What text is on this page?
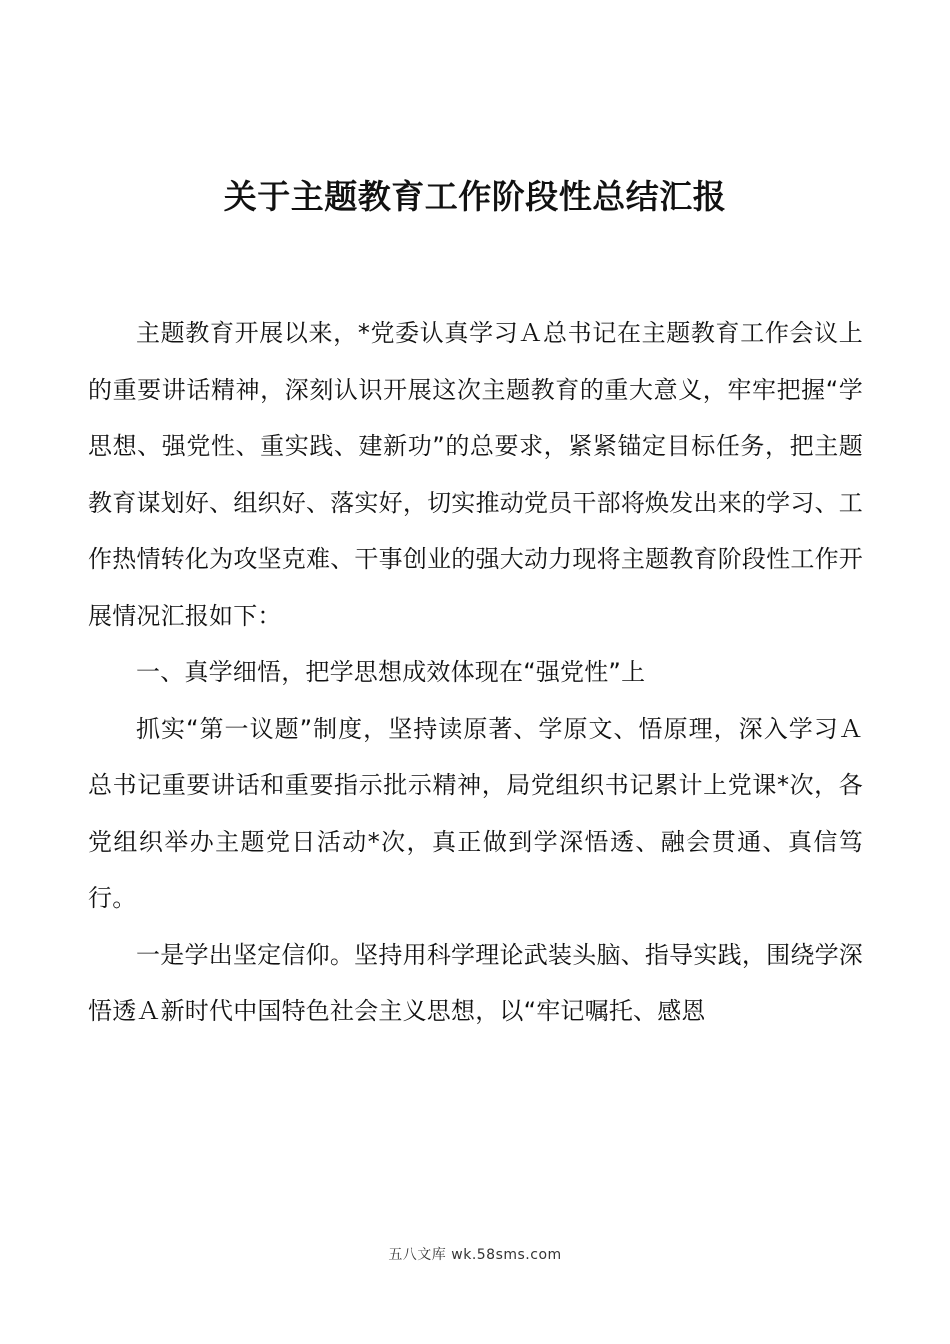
关于主题教育工作阶段性总结汇报

主题教育开展以来，*党委认真学习Ａ总书记在主题教育工作会议上的重要讲话精神，深刻认识开展这次主题教育的重大意义，牢牢把握“学思想、强党性、重实践、建新功”的总要求，紧紧锚定目标任务，把主题教育谋划好、组织好、落实好，切实推动党员干部将焕发出来的学习、工作热情转化为攻坚克难、干事创业的强大动力现将主题教育阶段性工作开展情况汇报如下：

一、真学细悟，把学思想成效体现在“强党性”上

抓实“第一议题”制度，坚持读原著、学原文、悟原理，深入学习Ａ总书记重要讲话和重要指示批示精神，局党组织书记累计上党课*次，各党组织举办主题党日活动*次，真正做到学深悟透、融会贯通、真信笃行。

一是学出坚定信仰。坚持用科学理论武装头脑、指导实践，围绕学深悟透Ａ新时代中国特色社会主义思想，以“牢记嘱托、感恩

五八文库 wk.58sms.com
